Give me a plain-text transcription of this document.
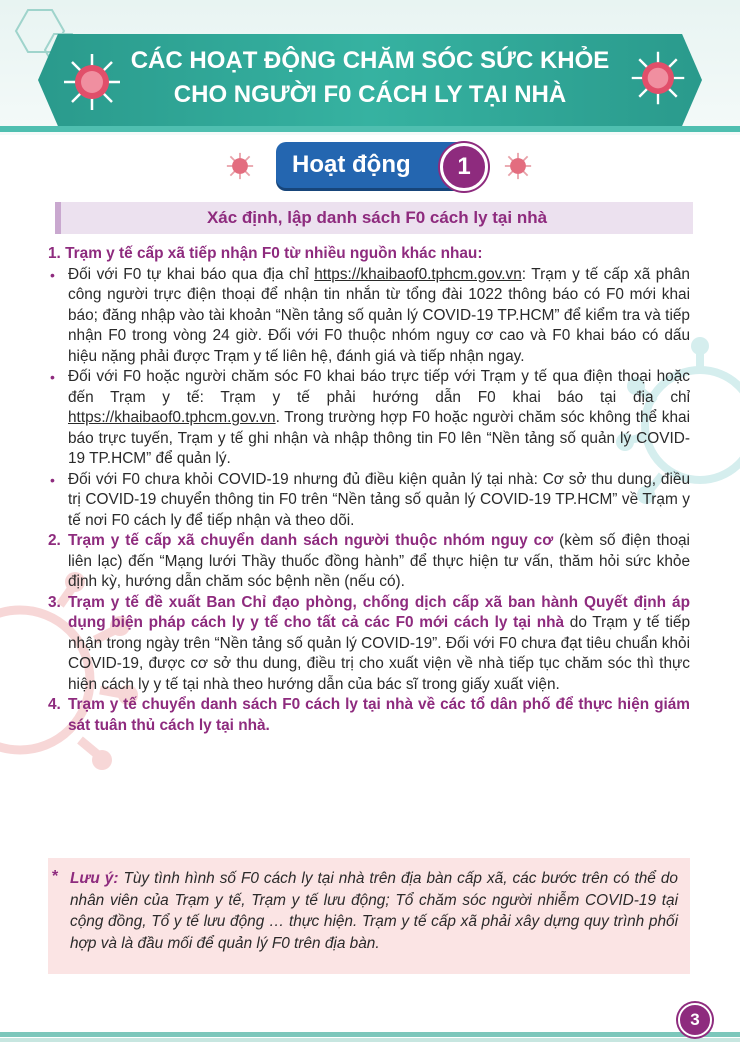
CÁC HOẠT ĐỘNG CHĂM SÓC SỨC KHỎE
CHO NGƯỜI F0 CÁCH LY TẠI NHÀ
Hoạt động	1

Xác định, lập danh sách F0 cách ly tại nhà

1. Trạm y tế cấp xã tiếp nhận F0 từ nhiều nguồn khác nhau:

• Đối với F0 tự khai báo qua địa chỉ https://khaibaof0.tphcm.gov.vn: Trạm y tế cấp xã phân công người trực điện thoại để nhận tin nhắn từ tổng đài 1022 thông báo có F0 mới khai báo; đăng nhập vào tài khoản “Nền tảng số quản lý COVID-19 TP.HCM” để kiểm tra và tiếp nhận F0 trong vòng 24 giờ. Đối với F0 thuộc nhóm nguy cơ cao và F0 khai báo có dấu hiệu nặng phải được Trạm y tế liên hệ, đánh giá và tiếp nhận ngay.

• Đối với F0 hoặc người chăm sóc F0 khai báo trực tiếp với Trạm y tế qua điện thoại hoặc đến Trạm y tế: Trạm y tế phải hướng dẫn F0 khai báo tại địa chỉ https://khaibaof0.tphcm.gov.vn. Trong trường hợp F0 hoặc người chăm sóc không thể khai báo trực tuyến, Trạm y tế ghi nhận và nhập thông tin F0 lên “Nền tảng số quản lý COVID-19 TP.HCM” để quản lý.

• Đối với F0 chưa khỏi COVID-19 nhưng đủ điều kiện quản lý tại nhà: Cơ sở thu dung, điều trị COVID-19 chuyển thông tin F0 trên “Nền tảng số quản lý COVID-19 TP.HCM” về Trạm y tế nơi F0 cách ly để tiếp nhận và theo dõi.

2. Trạm y tế cấp xã chuyển danh sách người thuộc nhóm nguy cơ (kèm số điện thoại liên lạc) đến “Mạng lưới Thầy thuốc đồng hành” để thực hiện tư vấn, thăm hỏi sức khỏe định kỳ, hướng dẫn chăm sóc bệnh nền (nếu có).

3. Trạm y tế đề xuất Ban Chỉ đạo phòng, chống dịch cấp xã ban hành Quyết định áp dụng biện pháp cách ly y tế cho tất cả các F0 mới cách ly tại nhà do Trạm y tế tiếp nhận trong ngày trên “Nền tảng số quản lý COVID-19”. Đối với F0 chưa đạt tiêu chuẩn khỏi COVID-19, được cơ sở thu dung, điều trị cho xuất viện về nhà tiếp tục chăm sóc thì thực hiện cách ly y tế tại nhà theo hướng dẫn của bác sĩ trong giấy xuất viện.

4. Trạm y tế chuyển danh sách F0 cách ly tại nhà về các tổ dân phố để thực hiện giám sát tuân thủ cách ly tại nhà.

* Lưu ý: Tùy tình hình số F0 cách ly tại nhà trên địa bàn cấp xã, các bước trên có thể do nhân viên của Trạm y tế, Trạm y tế lưu động; Tổ chăm sóc người nhiễm COVID-19 tại cộng đồng, Tổ y tế lưu động … thực hiện. Trạm y tế cấp xã phải xây dựng quy trình phối hợp và là đầu mối để quản lý F0 trên địa bàn.

3
